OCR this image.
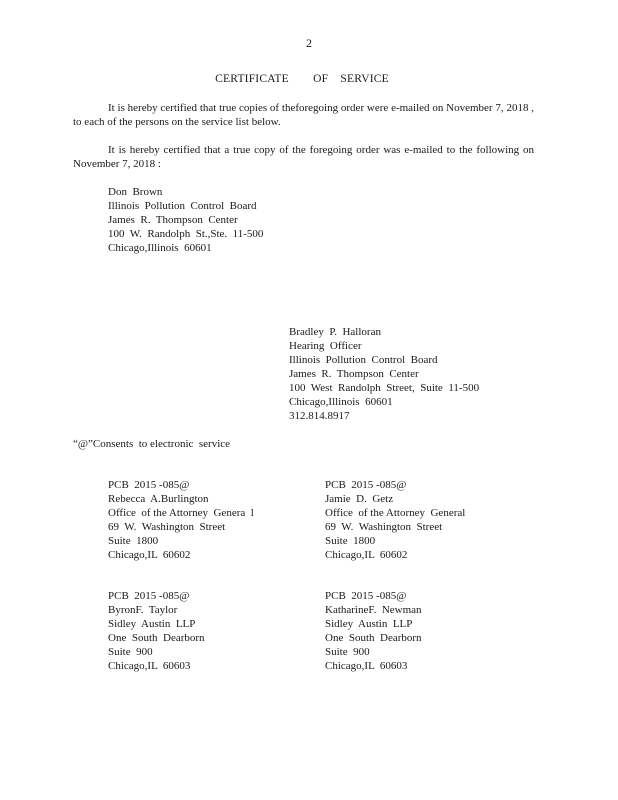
2
CERTIFICATE    OF  SERVICE
It is hereby certified that true copies of theforegoing order were e-mailed on November 7, 2018 , to each of the persons on the service list below.
It is hereby certified that a true copy of the foregoing order was e-mailed to the following on November 7, 2018 :
Don  Brown
Illinois  Pollution  Control  Board
James  R.  Thompson  Center
100  W.  Randolph  St.,Ste.  11-500
Chicago,Illinois  60601
Bradley  P.  Halloran
Hearing  Officer
Illinois  Pollution  Control  Board
James  R.  Thompson  Center
100  West  Randolph  Street,  Suite  11-500
Chicago,Illinois  60601
312.814.8917
“@”Consents  to electronic  service
PCB  2015 -085@
Rebecca  A.Burlington
Office  of the Attorney  Genera  l
69  W.  Washington  Street
Suite  1800
Chicago,IL  60602
PCB  2015 -085@
Jamie  D.  Getz
Office  of the Attorney  General
69  W.  Washington  Street
Suite  1800
Chicago,IL  60602
PCB  2015 -085@
ByronF.  Taylor
Sidley  Austin  LLP
One  South  Dearborn
Suite  900
Chicago,IL  60603
PCB  2015 -085@
KatharineF.  Newman
Sidley  Austin  LLP
One  South  Dearborn
Suite  900
Chicago,IL  60603
